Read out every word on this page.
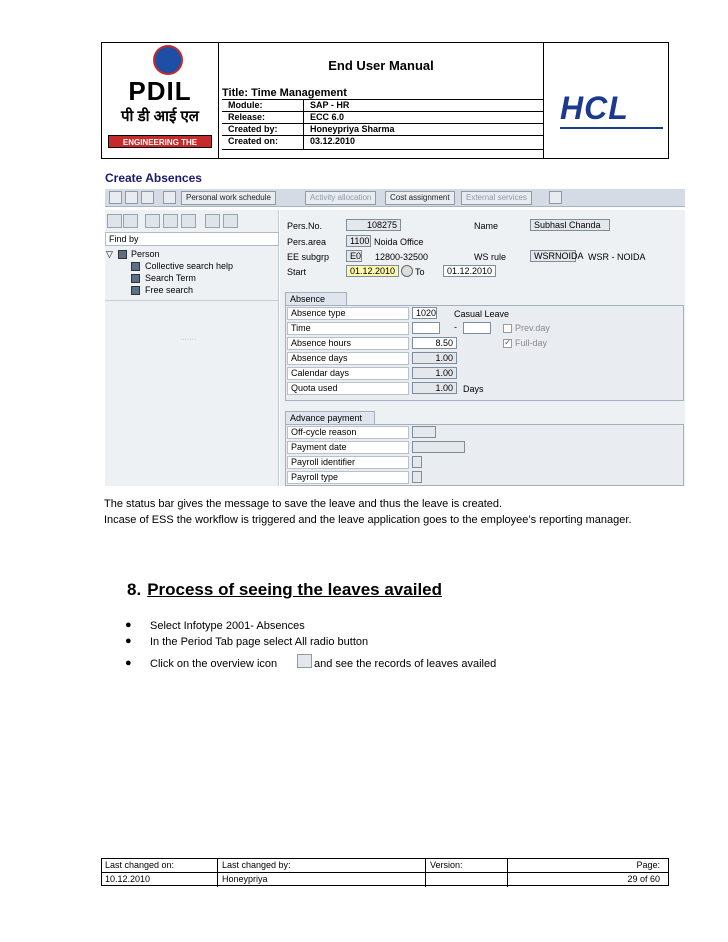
PDIL
पी डी आई एल
ENGINEERING THE FUTURE
End User Manual
Title: Time Management
Module:	SAP - HR
Release:	ECC 6.0
Created by:	Honeypriya Sharma
Created on:	03.12.2010
HCL
Create Absences
Personal work schedule	Activity allocation	Cost assignment	External services
Find by
▽ Person
Collective search help
Search Term
Free search
·······
Pers.No.	108275	Name	Subhasl Chanda
Pers.area	1100 Noida Office
EE subgrp	E0 12800-32500	WS rule	WSRNOIDA WSR - NOIDA
Start	01.12.2010	To	01.12.2010
Absence
Absence type	1020 Casual Leave
Time	-	Prev.day
Absence hours	8.50
✓	Full-day
Absence days	1.00
Calendar days	1.00
Quota used	1.00	Days
Advance payment
Off-cycle reason
Payment date
Payroll identifier
Payroll type

The status bar gives the message to save the leave and thus the leave is created.

Incase of ESS the workflow is triggered and the leave application goes to the employee’s reporting manager.

8. Process of seeing the leaves availed
● Select Infotype 2001- Absences
● In the Period Tab page select All radio button
● Click on the overview icon	and see the records of leaves availed
Last changed on:	Last changed by:	Version:	Page:
10.12.2010	Honeypriya	29 of 60
